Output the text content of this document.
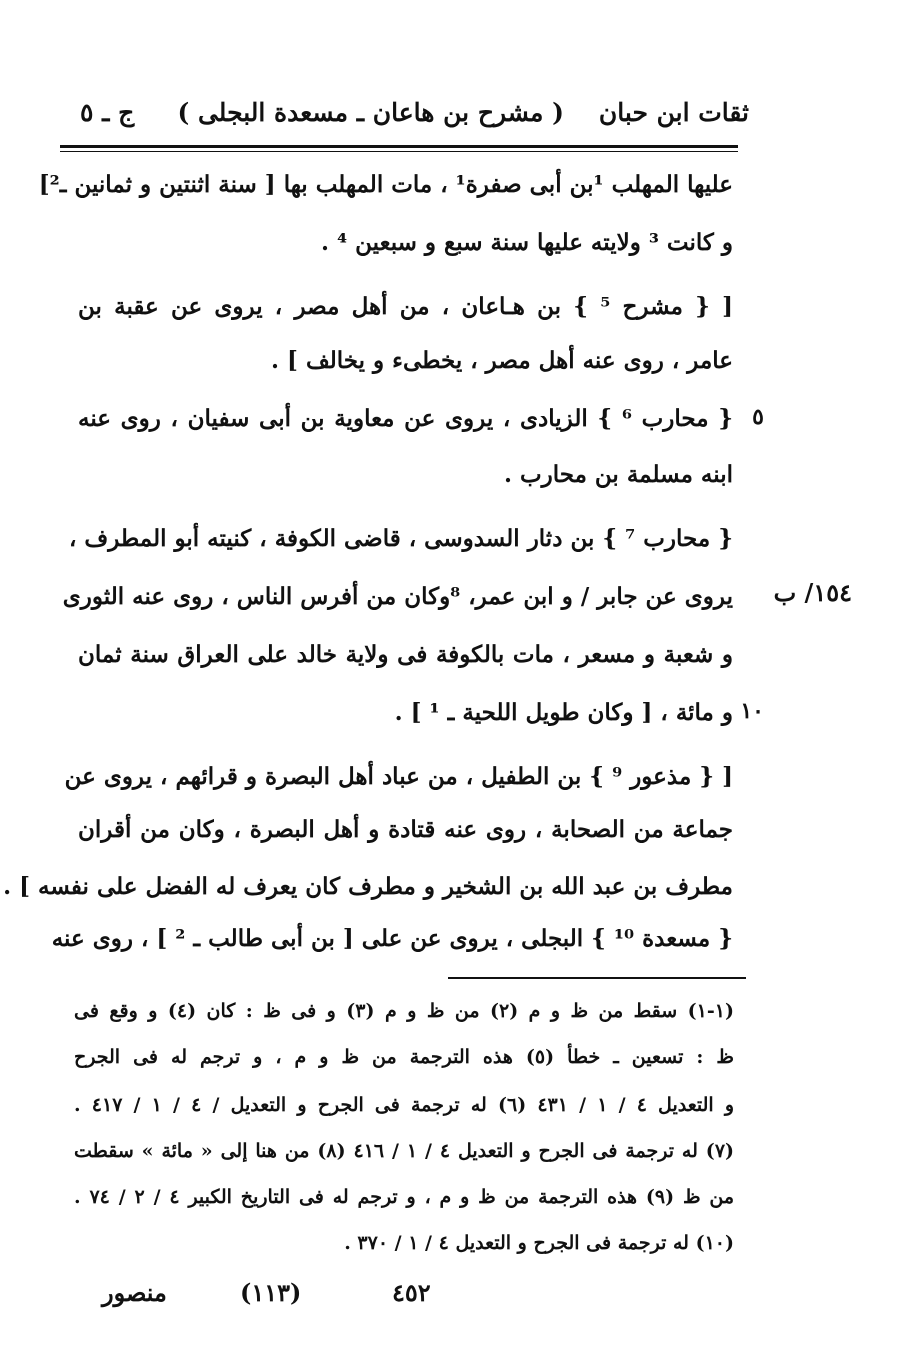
ثقات ابن حبان
( مشرح بن هاعان ـ مسعدة البجلى )
ج ـ ٥
عليها المهلب ¹بن أبى صفرة¹ ، مات المهلب بها [ سنة اثنتين و ثمانين ـ²]
و كانت ³ ولايته عليها سنة سبع و سبعين ⁴ .
[ { مشرح ⁵ } بن هـاعان ، من أهل مصر ، يروى عن عقبة بن
عامر ، روى عنه أهل مصر ، يخطىء و يخالف ] .
{ محارب ⁶ } الزيادى ، يروى عن معاوية بن أبى سفيان ، روى عنه
ابنه مسلمة بن محارب .
{ محارب ⁷ } بن دثار السدوسى ، قاضى الكوفة ، كنيته أبو المطرف ،
يروى عن جابر / و ابن عمر، ⁸وكان من أفرس الناس ، روى عنه الثورى
و شعبة و مسعر ، مات بالكوفة فى ولاية خالد على العراق سنة ثمان
و مائة ، [ وكان طويل اللحية ـ ¹ ] .
[ { مذعور ⁹ } بن الطفيل ، من عباد أهل البصرة و قرائهم ، يروى عن
جماعة من الصحابة ، روى عنه قتادة و أهل البصرة ، وكان من أقران
مطرف بن عبد الله بن الشخير و مطرف كان يعرف له الفضل على نفسه ] .
{ مسعدة ¹⁰ } البجلى ، يروى عن على [ بن أبى طالب ـ ² ] ، روى عنه
٥
١٥٤/ ب
١٠
(١-١) سقط من ظ و م (٢) من ظ و م (٣) و فى ظ : كان (٤) و وقع فى
ظ : تسعين ـ خطأ (٥) هذه الترجمة من ظ و م ، و ترجم له فى الجرح
و التعديل ٤ / ١ / ٤٣١ (٦) له ترجمة فى الجرح و التعديل / ٤ / ١ / ٤١٧ .
(٧) له ترجمة فى الجرح و التعديل ٤ / ١ / ٤١٦ (٨) من هنا إلى « مائة » سقطت
من ظ (٩) هذه الترجمة من ظ و م ، و ترجم له فى التاريخ الكبير ٤ / ٢ / ٧٤ .
(١٠) له ترجمة فى الجرح و التعديل ٤ / ١ / ٣٧٠ .
٤٥٢
(١١٣)
منصور
